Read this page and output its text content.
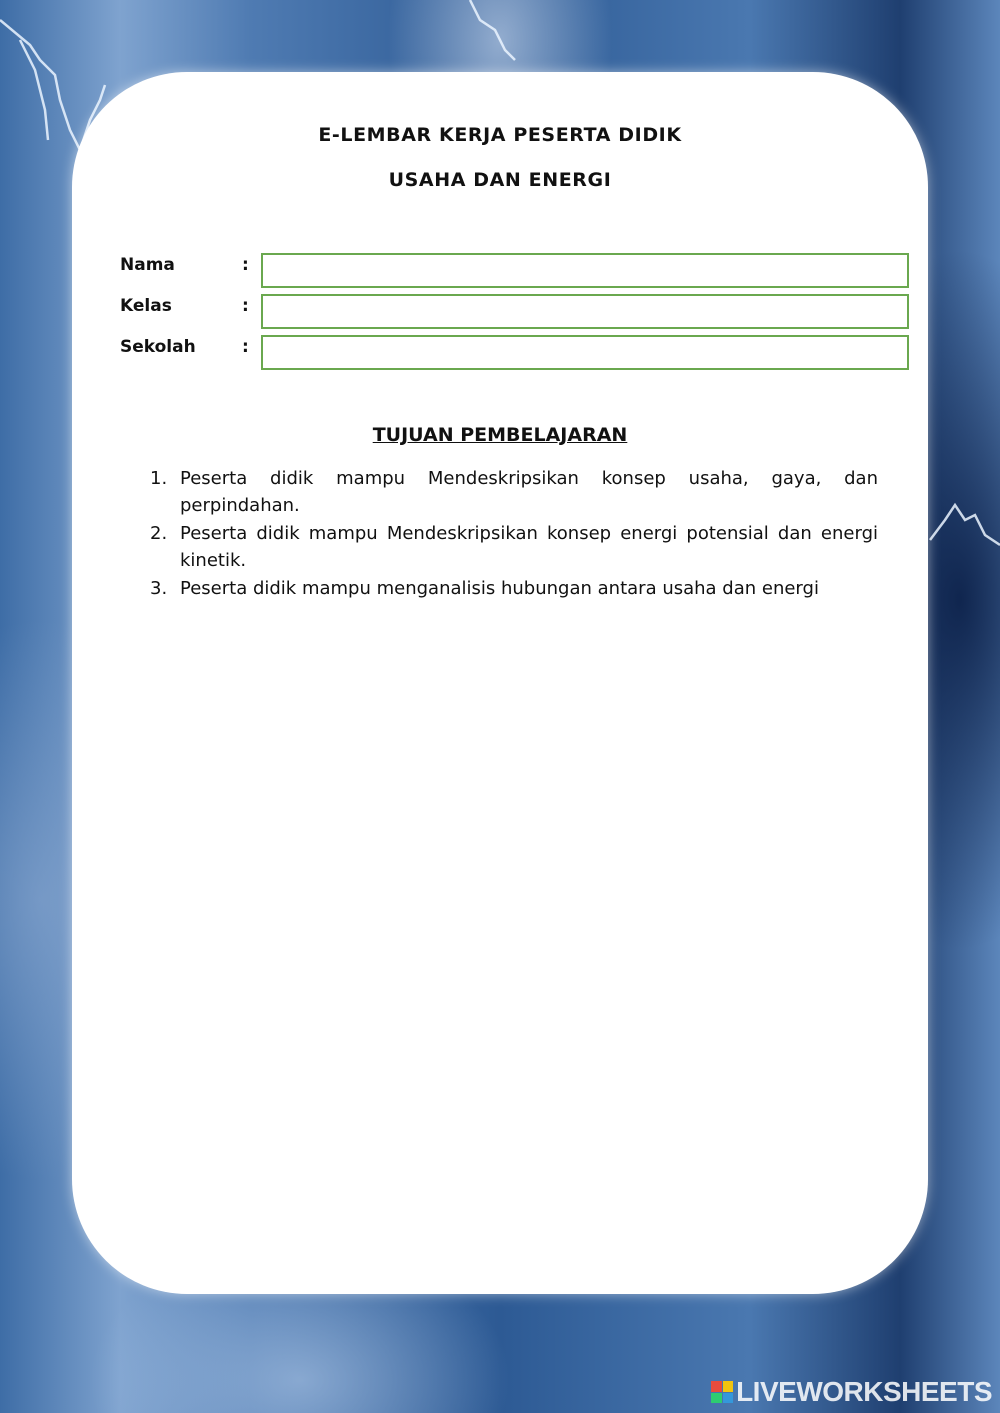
E-LEMBAR KERJA PESERTA DIDIK
USAHA DAN ENERGI
Nama	:
Kelas	:
Sekolah	:
TUJUAN PEMBELAJARAN
1. Peserta didik mampu Mendeskripsikan konsep usaha, gaya, dan perpindahan.
2. Peserta didik mampu Mendeskripsikan konsep energi potensial dan energi kinetik.
3. Peserta didik mampu menganalisis hubungan antara usaha dan energi
LIVEWORKSHEETS
